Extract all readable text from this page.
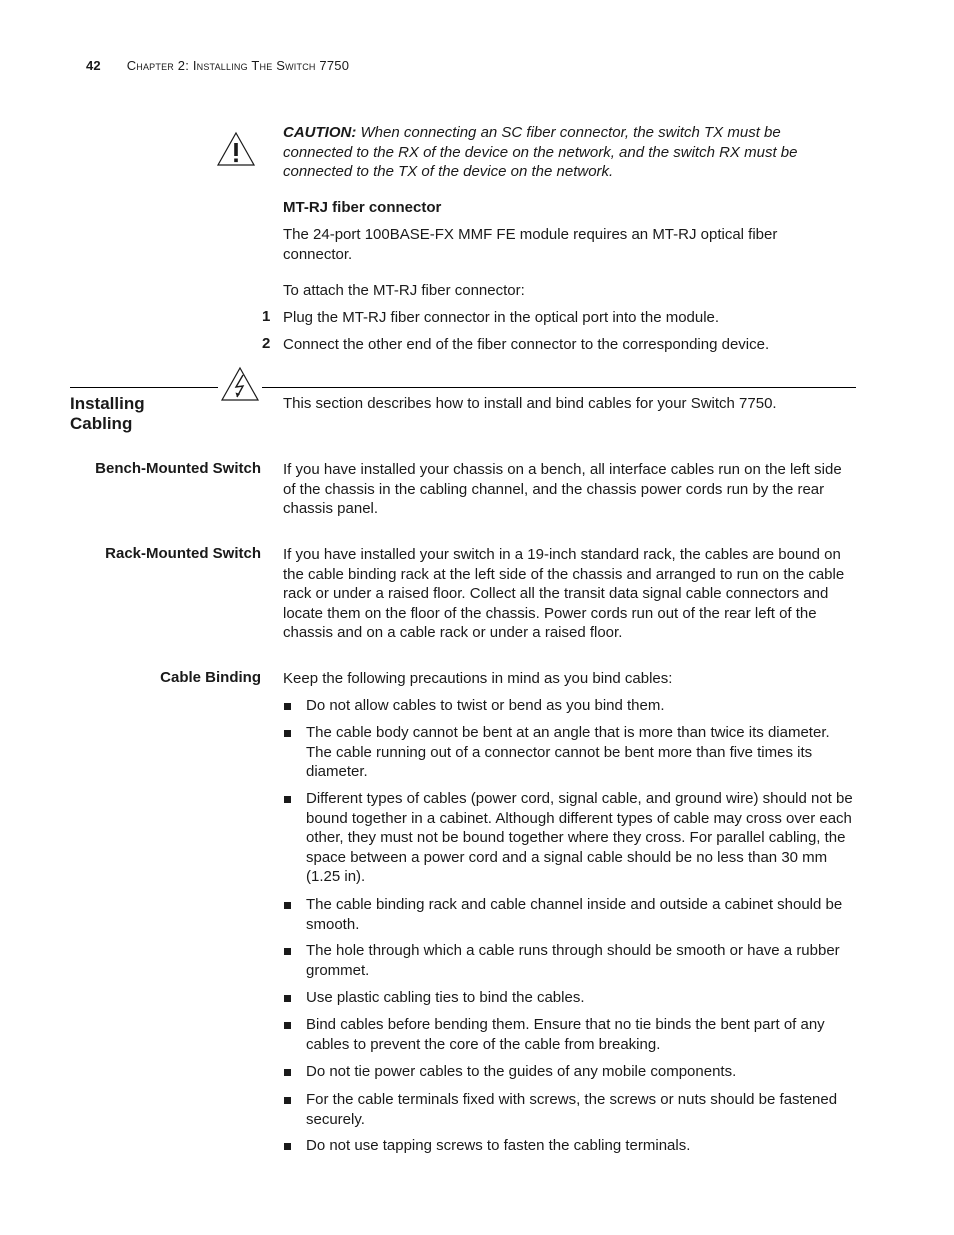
42 Chapter 2: Installing The Switch 7750
CAUTION: When connecting an SC fiber connector, the switch TX must be connected to the RX of the device on the network, and the switch RX must be connected to the TX of the device on the network.
MT-RJ fiber connector
The 24-port 100BASE-FX MMF FE module requires an MT-RJ optical fiber connector.
To attach the MT-RJ fiber connector:
1 Plug the MT-RJ fiber connector in the optical port into the module.
2 Connect the other end of the fiber connector to the corresponding device.
Installing
Cabling
This section describes how to install and bind cables for your Switch 7750.
Bench-Mounted Switch If you have installed your chassis on a bench, all interface cables run on the left side of the chassis in the cabling channel, and the chassis power cords run by the rear chassis panel.
Rack-Mounted Switch If you have installed your switch in a 19-inch standard rack, the cables are bound on the cable binding rack at the left side of the chassis and arranged to run on the cable rack or under a raised floor. Collect all the transit data signal cable connectors and locate them on the floor of the chassis. Power cords run out of the rear left of the chassis and on a cable rack or under a raised floor.
Cable Binding Keep the following precautions in mind as you bind cables:
Do not allow cables to twist or bend as you bind them.
The cable body cannot be bent at an angle that is more than twice its diameter. The cable running out of a connector cannot be bent more than five times its diameter.
Different types of cables (power cord, signal cable, and ground wire) should not be bound together in a cabinet. Although different types of cable may cross over each other, they must not be bound together where they cross. For parallel cabling, the space between a power cord and a signal cable should be no less than 30 mm (1.25 in).
The cable binding rack and cable channel inside and outside a cabinet should be smooth.
The hole through which a cable runs through should be smooth or have a rubber grommet.
Use plastic cabling ties to bind the cables.
Bind cables before bending them. Ensure that no tie binds the bent part of any cables to prevent the core of the cable from breaking.
Do not tie power cables to the guides of any mobile components.
For the cable terminals fixed with screws, the screws or nuts should be fastened securely.
Do not use tapping screws to fasten the cabling terminals.
